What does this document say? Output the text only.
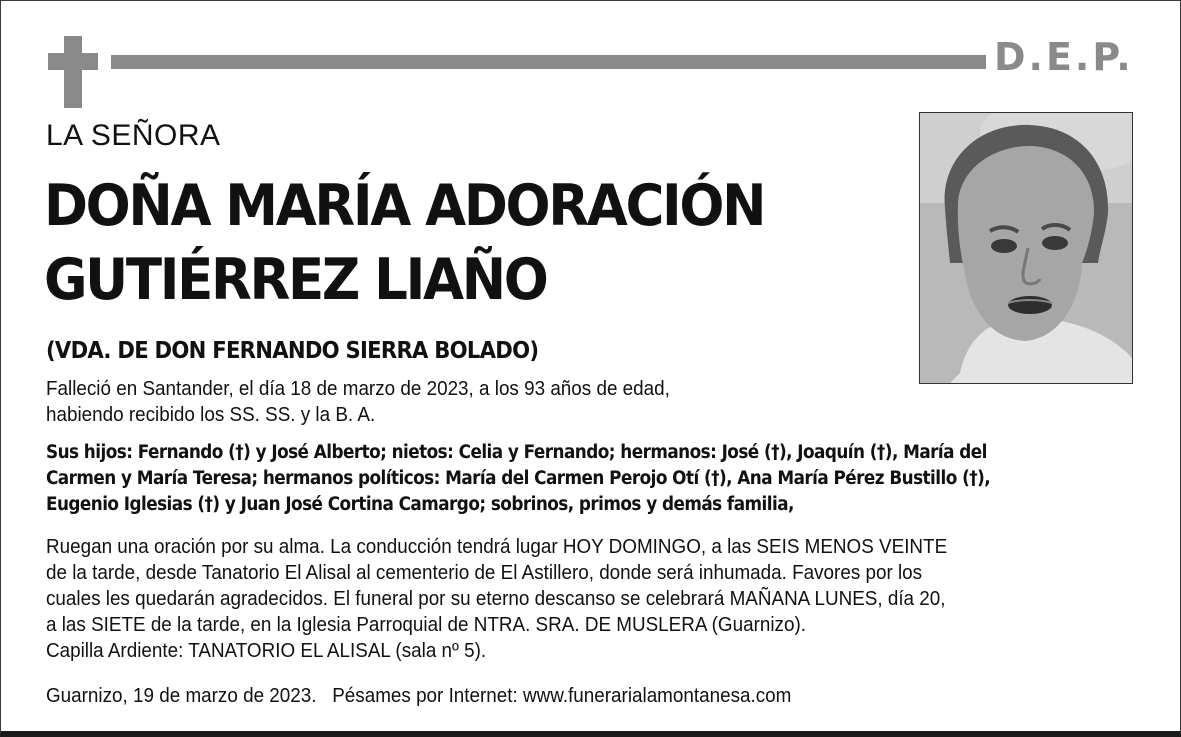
D.E.P.
LA SEÑORA
DOÑA MARÍA ADORACIÓN
GUTIÉRREZ LIAÑO
(VDA. DE DON FERNANDO SIERRA BOLADO)
Falleció en Santander, el día 18 de marzo de 2023, a los 93 años de edad,
habiendo recibido los SS. SS. y la B. A.
Sus hijos: Fernando (†) y José Alberto; nietos: Celia y Fernando; hermanos: José (†), Joaquín (†), María del
Carmen y María Teresa; hermanos políticos: María del Carmen Perojo Otí (†), Ana María Pérez Bustillo (†),
Eugenio Iglesias (†) y Juan José Cortina Camargo; sobrinos, primos y demás familia,
Ruegan una oración por su alma. La conducción tendrá lugar HOY DOMINGO, a las SEIS MENOS VEINTE
de la tarde, desde Tanatorio El Alisal al cementerio de El Astillero, donde será inhumada. Favores por los
cuales les quedarán agradecidos. El funeral por su eterno descanso se celebrará MAÑANA LUNES, día 20,
a las SIETE de la tarde, en la Iglesia Parroquial de NTRA. SRA. DE MUSLERA (Guarnizo).
Capilla Ardiente: TANATORIO EL ALISAL (sala nº 5).
Guarnizo, 19 de marzo de 2023.   Pésames por Internet: www.funerarialamontanesa.com
